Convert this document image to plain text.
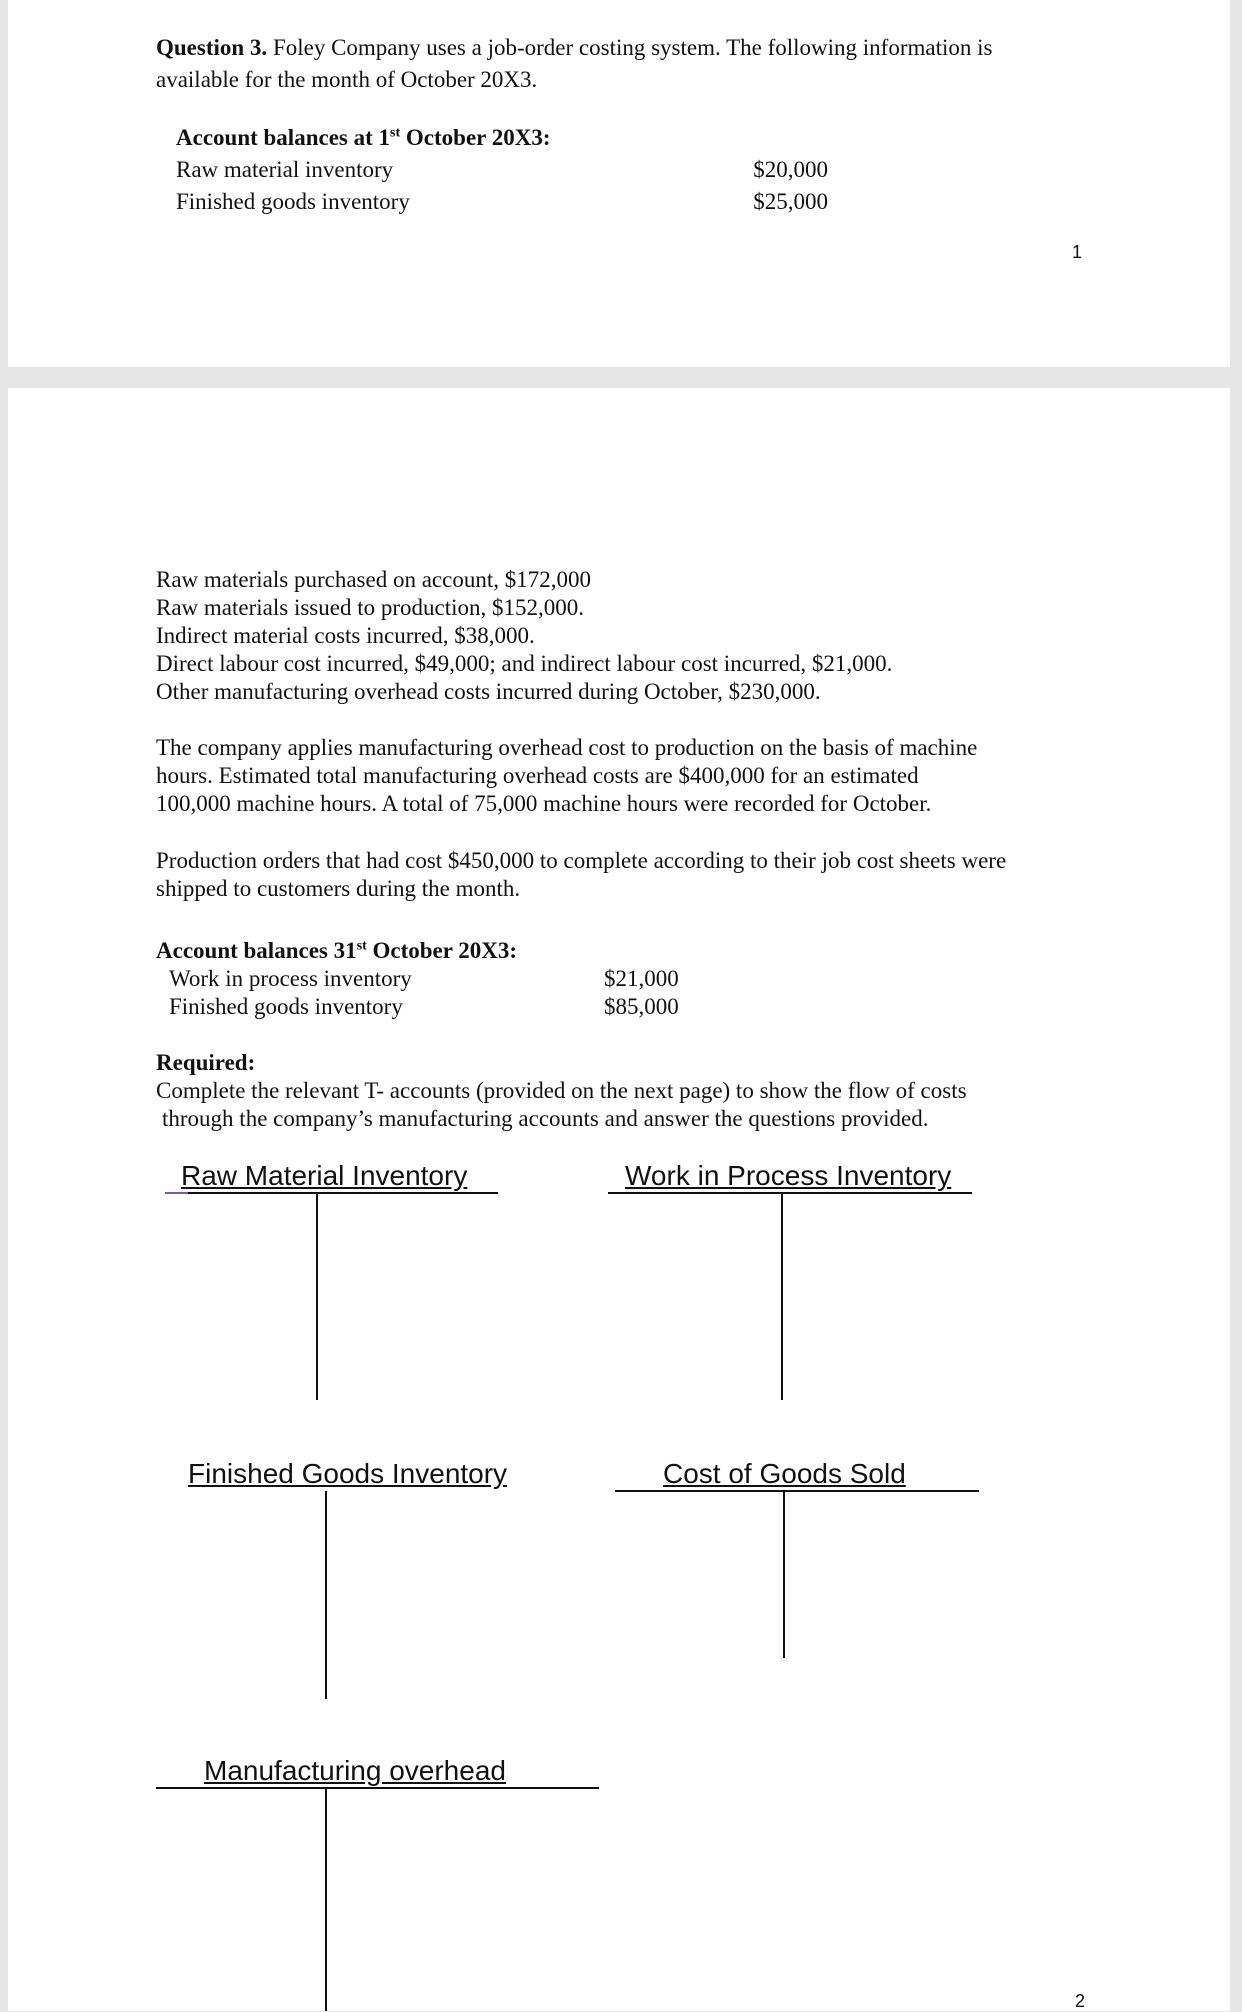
Question 3. Foley Company uses a job-order costing system. The following information is
available for the month of October 20X3.
Account balances at 1st October 20X3:
Raw material inventory	$20,000
Finished goods inventory	$25,000
1
Raw materials purchased on account, $172,000
Raw materials issued to production, $152,000.
Indirect material costs incurred, $38,000.
Direct labour cost incurred, $49,000; and indirect labour cost incurred, $21,000.
Other manufacturing overhead costs incurred during October, $230,000.
The company applies manufacturing overhead cost to production on the basis of machine
hours. Estimated total manufacturing overhead costs are $400,000 for an estimated
100,000 machine hours. A total of 75,000 machine hours were recorded for October.
Production orders that had cost $450,000 to complete according to their job cost sheets were
shipped to customers during the month.
Account balances 31st October 20X3:
Work in process inventory	$21,000
Finished goods inventory	$85,000
Required:
Complete the relevant T- accounts (provided on the next page) to show the flow of costs
through the company’s manufacturing accounts and answer the questions provided.
Raw Material Inventory	Work in Process Inventory
Finished Goods Inventory	Cost of Goods Sold
Manufacturing overhead
2
